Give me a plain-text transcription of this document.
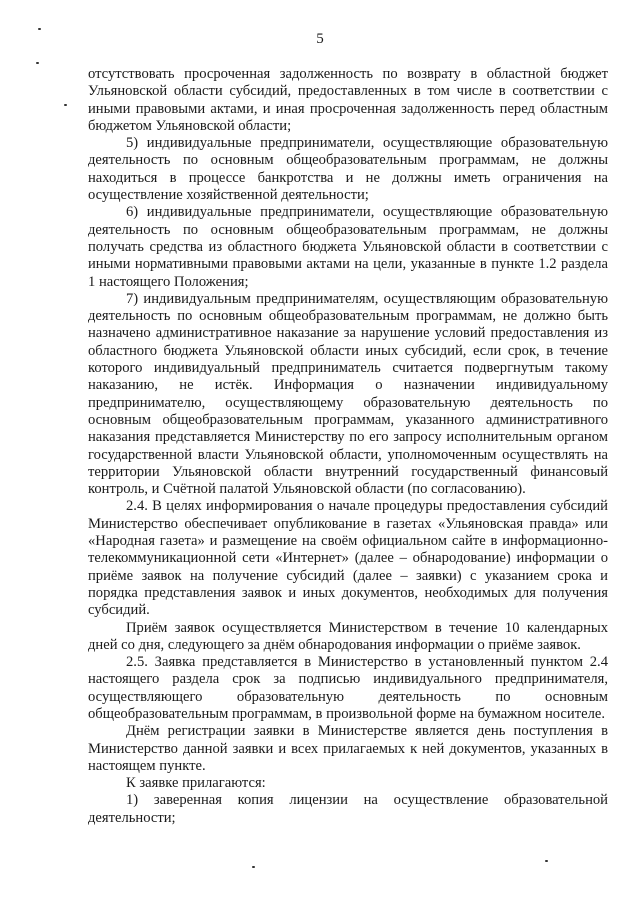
5

отсутствовать просроченная задолженность по возврату в областной бюджет Ульяновской области субсидий, предоставленных в том числе в соответствии с иными правовыми актами, и иная просроченная задолженность перед областным бюджетом Ульяновской области;

5) индивидуальные предприниматели, осуществляющие образовательную деятельность по основным общеобразовательным программам, не должны находиться в процессе банкротства и не должны иметь ограничения на осуществление хозяйственной деятельности;

6) индивидуальные предприниматели, осуществляющие образовательную деятельность по основным общеобразовательным программам, не должны получать средства из областного бюджета Ульяновской области в соответствии с иными нормативными правовыми актами на цели, указанные в пункте 1.2 раздела 1 настоящего Положения;

7) индивидуальным предпринимателям, осуществляющим образовательную деятельность по основным общеобразовательным программам, не должно быть назначено административное наказание за нарушение условий предоставления из областного бюджета Ульяновской области иных субсидий, если срок, в течение которого индивидуальный предприниматель считается подвергнутым такому наказанию, не истёк. Информация о назначении индивидуальному предпринимателю, осуществляющему образовательную деятельность по основным общеобразовательным программам, указанного административного наказания представляется Министерству по его запросу исполнительным органом государственной власти Ульяновской области, уполномоченным осуществлять на территории Ульяновской области внутренний государственный финансовый контроль, и Счётной палатой Ульяновской области (по согласованию).

2.4. В целях информирования о начале процедуры предоставления субсидий Министерство обеспечивает опубликование в газетах «Ульяновская правда» или «Народная газета» и размещение на своём официальном сайте в информационно-телекоммуникационной сети «Интернет» (далее – обнародование) информации о приёме заявок на получение субсидий (далее – заявки) с указанием срока и порядка представления заявок и иных документов, необходимых для получения субсидий.

Приём заявок осуществляется Министерством в течение 10 календарных дней со дня, следующего за днём обнародования информации о приёме заявок.

2.5. Заявка представляется в Министерство в установленный пунктом 2.4 настоящего раздела срок за подписью индивидуального предпринимателя, осуществляющего образовательную деятельность по основным общеобразовательным программам, в произвольной форме на бумажном носителе.

Днём регистрации заявки в Министерстве является день поступления в Министерство данной заявки и всех прилагаемых к ней документов, указанных в настоящем пункте.

К заявке прилагаются:

1) заверенная копия лицензии на осуществление образовательной деятельности;
